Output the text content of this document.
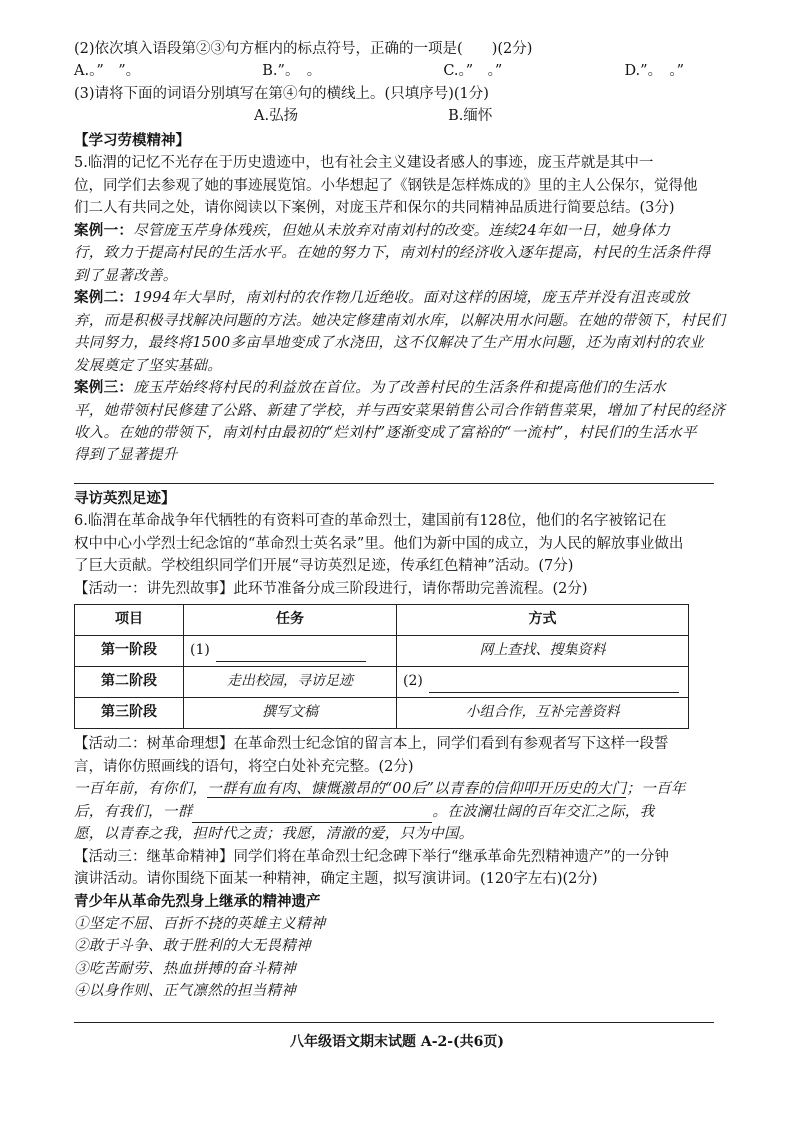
(2)依次填入语段第②③句方框内的标点符号，正确的一项是(　　)(2分)
A.。”　”。	B.”。　。	C.。”　。”	D.”。　。”
(3)请将下面的词语分别填写在第④句的横线上。(只填序号)(1分)
A.弘扬	B.缅怀
【学习劳模精神】
5.临渭的记忆不光存在于历史遗迹中，也有社会主义建设者感人的事迹，庞玉芹就是其中一
位，同学们去参观了她的事迹展览馆。小华想起了《钢铁是怎样炼成的》里的主人公保尔，觉得他
们二人有共同之处，请你阅读以下案例，对庞玉芹和保尔的共同精神品质进行简要总结。(3分)
案例一：尽管庞玉芹身体残疾，但她从未放弃对南刘村的改变。连续24年如一日，她身体力
行，致力于提高村民的生活水平。在她的努力下，南刘村的经济收入逐年提高，村民的生活条件得
到了显著改善。
案例二：1994年大旱时，南刘村的农作物几近绝收。面对这样的困境，庞玉芹并没有沮丧或放
弃，而是积极寻找解决问题的方法。她决定修建南刘水库，以解决用水问题。在她的带领下，村民们
共同努力，最终将1500多亩旱地变成了水浇田，这不仅解决了生产用水问题，还为南刘村的农业
发展奠定了坚实基础。
案例三：庞玉芹始终将村民的利益放在首位。为了改善村民的生活条件和提高他们的生活水
平，她带领村民修建了公路、新建了学校，并与西安菜果销售公司合作销售菜果，增加了村民的经济
收入。在她的带领下，南刘村由最初的“烂刘村”逐渐变成了富裕的“一流村”，村民们的生活水平
得到了显著提升
寻访英烈足迹】
6.临渭在革命战争年代牺牲的有资料可查的革命烈士，建国前有128位，他们的名字被铭记在
权中中心小学烈士纪念馆的“革命烈士英名录”里。他们为新中国的成立，为人民的解放事业做出
了巨大贡献。学校组织同学们开展“寻访英烈足迹，传承红色精神”活动。(7分)
【活动一：讲先烈故事】此环节准备分成三阶段进行，请你帮助完善流程。(2分)
项目	任务	方式
第一阶段	(1)	网上查找、搜集资料
第二阶段	走出校园，寻访足迹	(2)
第三阶段	撰写文稿	小组合作，互补完善资料
【活动二：树革命理想】在革命烈士纪念馆的留言本上，同学们看到有参观者写下这样一段誓
言，请你仿照画线的语句，将空白处补充完整。(2分)
一百年前，有你们，一群有血有肉、慷慨激昂的“00后”以青春的信仰叩开历史的大门；一百年
后，有我们，一群	。在波澜壮阔的百年交汇之际，我
愿，以青春之我，担时代之责；我愿，清澈的爱，只为中国。
【活动三：继革命精神】同学们将在革命烈士纪念碑下举行“继承革命先烈精神遗产”的一分钟
演讲活动。请你围绕下面某一种精神，确定主题，拟写演讲词。(120字左右)(2分)
青少年从革命先烈身上继承的精神遗产
①坚定不屈、百折不挠的英雄主义精神
②敢于斗争、敢于胜利的大无畏精神
③吃苦耐劳、热血拼搏的奋斗精神
④以身作则、正气凛然的担当精神
八年级语文期末试题 A-2-(共6页)
